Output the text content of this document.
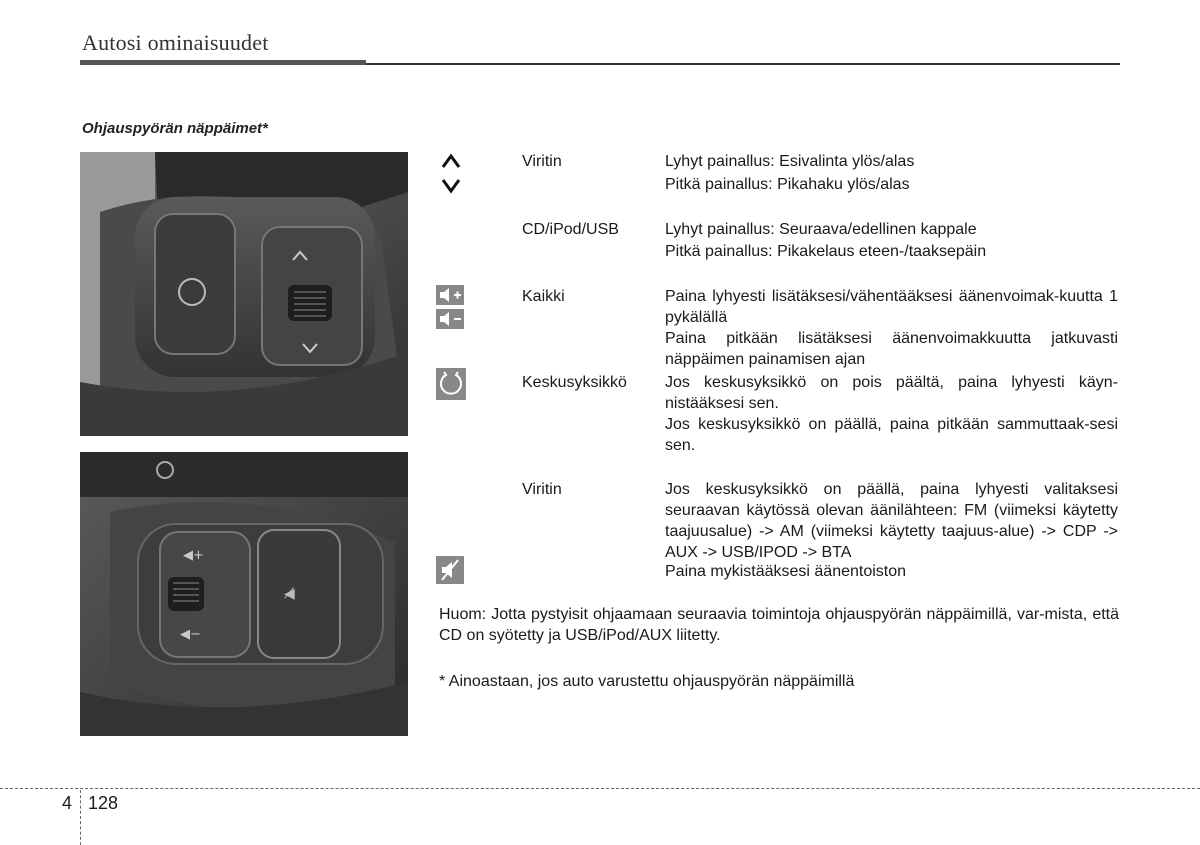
Autosi ominaisuudet
Ohjauspyörän näppäimet*
◀+
◀−
◀̸
Viritin
CD/iPod/USB
Kaikki
Keskusyksikkö
Viritin
Lyhyt painallus: Esivalinta ylös/alas
Pitkä painallus: Pikahaku ylös/alas
Lyhyt painallus: Seuraava/edellinen kappale
Pitkä painallus: Pikakelaus eteen-/taaksepäin
Paina lyhyesti lisätäksesi/vähentääksesi äänenvoimak-kuutta 1 pykälällä
Paina pitkään lisätäksesi äänenvoimakkuutta jatkuvasti näppäimen painamisen ajan
Jos keskusyksikkö on pois päältä, paina lyhyesti käyn-nistääksesi sen.
Jos keskusyksikkö on päällä, paina pitkään sammuttaak-sesi sen.
Jos keskusyksikkö on päällä, paina lyhyesti valitaksesi seuraavan käytössä olevan äänilähteen: FM (viimeksi käytetty taajuusalue) -> AM (viimeksi käytetty taajuus-alue) -> CDP -> AUX -> USB/IPOD -> BTA
Paina mykistääksesi äänentoiston
Huom: Jotta pystyisit ohjaamaan seuraavia toimintoja ohjauspyörän näppäimillä, var-mista, että CD on syötetty ja USB/iPod/AUX liitetty.
* Ainoastaan, jos auto varustettu ohjauspyörän näppäimillä
4 128
